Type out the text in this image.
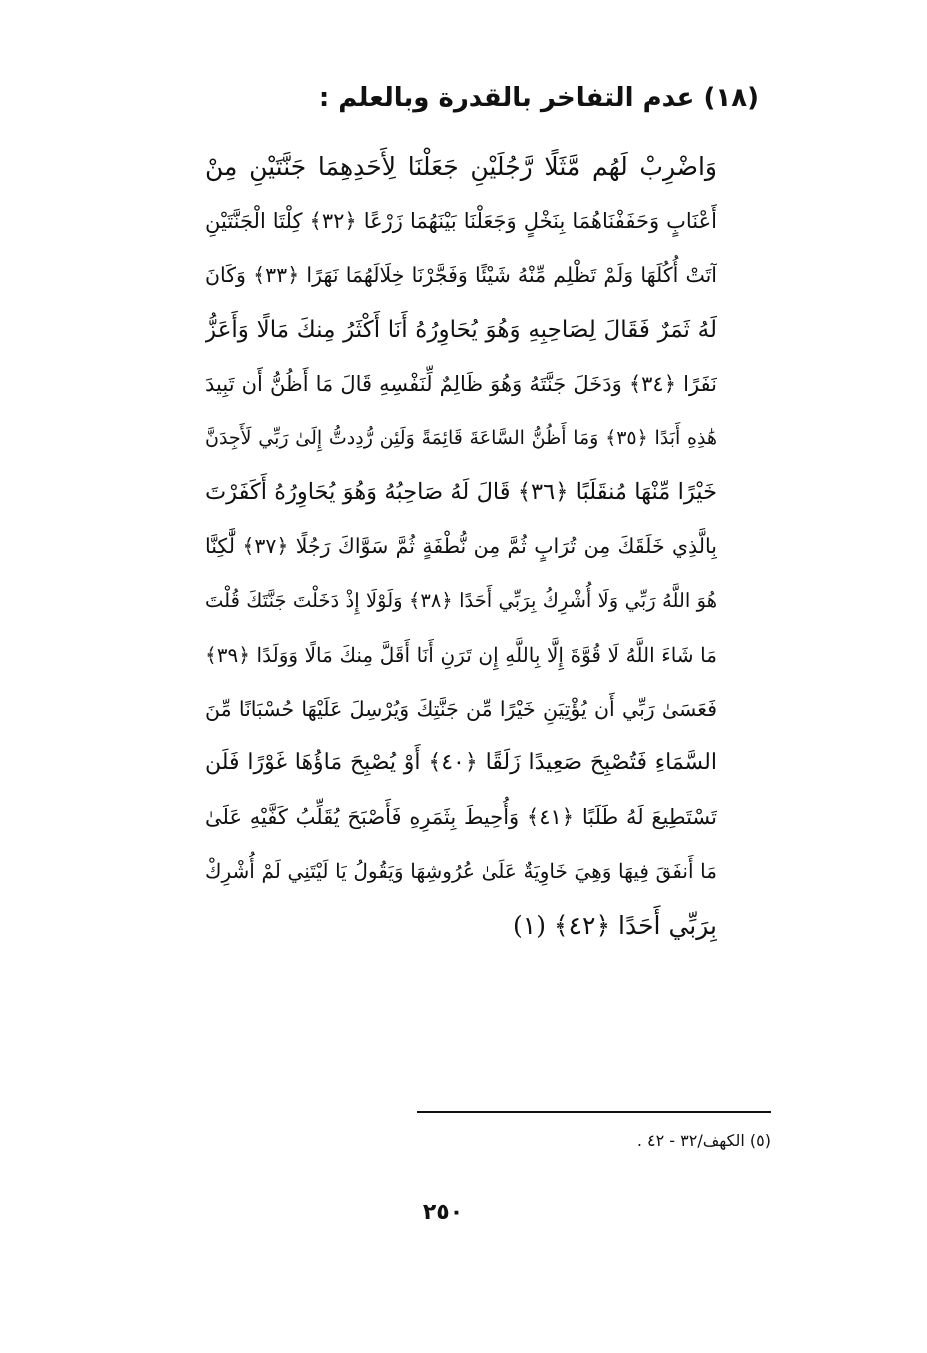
(١٨) عدم التفاخر بالقدرة وبالعلم :
وَاضْرِبْ لَهُم مَّثَلًا رَّجُلَيْنِ جَعَلْنَا لِأَحَدِهِمَا جَنَّتَيْنِ مِنْ
أَعْنَابٍ وَحَفَفْنَاهُمَا بِنَخْلٍ وَجَعَلْنَا بَيْنَهُمَا زَرْعًا ﴿٣٢﴾ كِلْتَا الْجَنَّتَيْنِ
آتَتْ أُكُلَهَا وَلَمْ تَظْلِم مِّنْهُ شَيْئًا وَفَجَّرْنَا خِلَالَهُمَا نَهَرًا ﴿٣٣﴾ وَكَانَ
لَهُ ثَمَرٌ فَقَالَ لِصَاحِبِهِ وَهُوَ يُحَاوِرُهُ أَنَا أَكْثَرُ مِنكَ مَالًا وَأَعَزُّ
نَفَرًا ﴿٣٤﴾ وَدَخَلَ جَنَّتَهُ وَهُوَ ظَالِمٌ لِّنَفْسِهِ قَالَ مَا أَظُنُّ أَن تَبِيدَ
هَٰذِهِ أَبَدًا ﴿٣٥﴾ وَمَا أَظُنُّ السَّاعَةَ قَائِمَةً وَلَئِن رُّدِدتُّ إِلَىٰ رَبِّي لَأَجِدَنَّ
خَيْرًا مِّنْهَا مُنقَلَبًا ﴿٣٦﴾ قَالَ لَهُ صَاحِبُهُ وَهُوَ يُحَاوِرُهُ أَكَفَرْتَ
بِالَّذِي خَلَقَكَ مِن تُرَابٍ ثُمَّ مِن نُّطْفَةٍ ثُمَّ سَوَّاكَ رَجُلًا ﴿٣٧﴾ لَّٰكِنَّا
هُوَ اللَّهُ رَبِّي وَلَا أُشْرِكُ بِرَبِّي أَحَدًا ﴿٣٨﴾ وَلَوْلَا إِذْ دَخَلْتَ جَنَّتَكَ قُلْتَ
مَا شَاءَ اللَّهُ لَا قُوَّةَ إِلَّا بِاللَّهِ إِن تَرَنِ أَنَا أَقَلَّ مِنكَ مَالًا وَوَلَدًا ﴿٣٩﴾
فَعَسَىٰ رَبِّي أَن يُؤْتِيَنِ خَيْرًا مِّن جَنَّتِكَ وَيُرْسِلَ عَلَيْهَا حُسْبَانًا مِّنَ
السَّمَاءِ فَتُصْبِحَ صَعِيدًا زَلَقًا ﴿٤٠﴾ أَوْ يُصْبِحَ مَاؤُهَا غَوْرًا فَلَن
تَسْتَطِيعَ لَهُ طَلَبًا ﴿٤١﴾ وَأُحِيطَ بِثَمَرِهِ فَأَصْبَحَ يُقَلِّبُ كَفَّيْهِ عَلَىٰ
مَا أَنفَقَ فِيهَا وَهِيَ خَاوِيَةٌ عَلَىٰ عُرُوشِهَا وَيَقُولُ يَا لَيْتَنِي لَمْ أُشْرِكْ
بِرَبِّي أَحَدًا ﴿٤٢﴾ (١)
(٥) الكهف/٣٢ - ٤٢ .
٢٥٠
